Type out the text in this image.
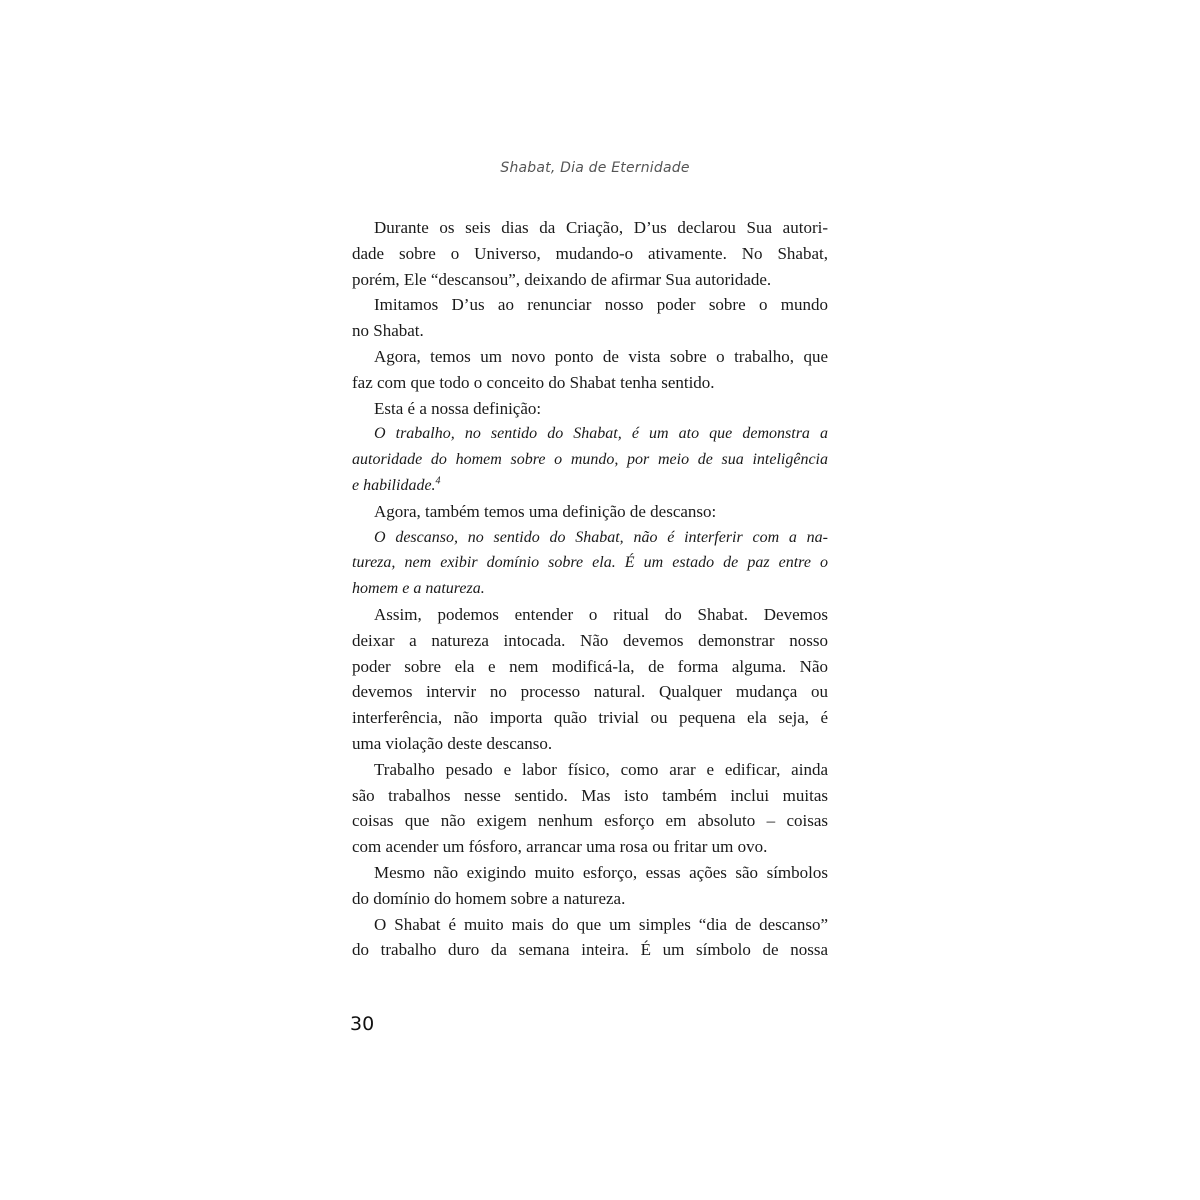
Shabat, Dia de Eternidade
Durante os seis dias da Criação, D’us declarou Sua autori-
dade sobre o Universo, mudando-o ativamente. No Shabat,
porém, Ele “descansou”, deixando de afirmar Sua autoridade.
Imitamos D’us ao renunciar nosso poder sobre o mundo
no Shabat.
Agora, temos um novo ponto de vista sobre o trabalho, que
faz com que todo o conceito do Shabat tenha sentido.
Esta é a nossa definição:
O trabalho, no sentido do Shabat, é um ato que demonstra a
autoridade do homem sobre o mundo, por meio de sua inteligência
e habilidade.$^4$
Agora, também temos uma definição de descanso:
O descanso, no sentido do Shabat, não é interferir com a na-
tureza, nem exibir domínio sobre ela. É um estado de paz entre o
homem e a natureza.
Assim, podemos entender o ritual do Shabat. Devemos
deixar a natureza intocada. Não devemos demonstrar nosso
poder sobre ela e nem modificá-la, de forma alguma. Não
devemos intervir no processo natural. Qualquer mudança ou
interferência, não importa quão trivial ou pequena ela seja, é
uma violação deste descanso.
Trabalho pesado e labor físico, como arar e edificar, ainda
são trabalhos nesse sentido. Mas isto também inclui muitas
coisas que não exigem nenhum esforço em absoluto – coisas
com acender um fósforo, arrancar uma rosa ou fritar um ovo.
Mesmo não exigindo muito esforço, essas ações são símbolos
do domínio do homem sobre a natureza.
O Shabat é muito mais do que um simples “dia de descanso”
do trabalho duro da semana inteira. É um símbolo de nossa
30
